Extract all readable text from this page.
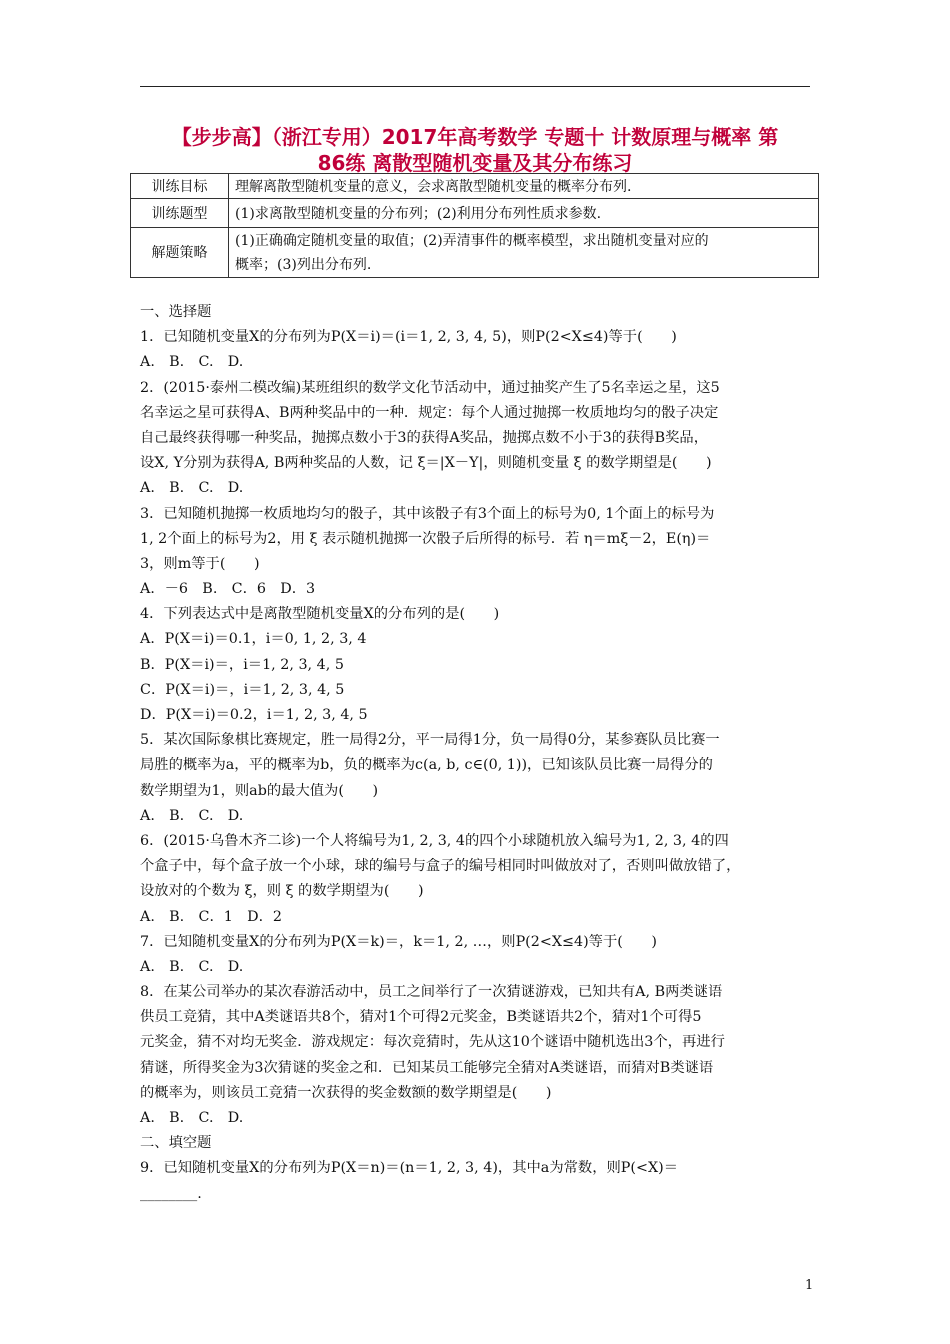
【步步高】（浙江专用）2017年高考数学 专题十 计数原理与概率 第
86练 离散型随机变量及其分布练习
训练目标	理解离散型随机变量的意义，会求离散型随机变量的概率分布列.
训练题型	(1)求离散型随机变量的分布列；(2)利用分布列性质求参数.
解题策略	(1)正确确定随机变量的取值；(2)弄清事件的概率模型，求出随机变量对应的
概率；(3)列出分布列.
一、选择题
1．已知随机变量X的分布列为P(X＝i)＝(i＝1, 2, 3, 4, 5)，则P(2<X≤4)等于(　　)
A.　B.　C.　D.
2．(2015·泰州二模改编)某班组织的数学文化节活动中，通过抽奖产生了5名幸运之星，这5
名幸运之星可获得A、B两种奖品中的一种．规定：每个人通过抛掷一枚质地均匀的骰子决定
自己最终获得哪一种奖品，抛掷点数小于3的获得A奖品，抛掷点数不小于3的获得B奖品，
设X, Y分别为获得A, B两种奖品的人数，记 ξ＝|X－Y|，则随机变量 ξ 的数学期望是(　　)
A.　B.　C.　D.
3．已知随机抛掷一枚质地均匀的骰子，其中该骰子有3个面上的标号为0, 1个面上的标号为
1, 2个面上的标号为2，用 ξ 表示随机抛掷一次骰子后所得的标号．若 η＝mξ－2，E(η)＝
3，则m等于(　　)
A．－6　B.　C．6　D．3
4．下列表达式中是离散型随机变量X的分布列的是(　　)
A．P(X＝i)＝0.1，i＝0, 1, 2, 3, 4
B．P(X＝i)＝，i＝1, 2, 3, 4, 5
C．P(X＝i)＝，i＝1, 2, 3, 4, 5
D．P(X＝i)＝0.2，i＝1, 2, 3, 4, 5
5．某次国际象棋比赛规定，胜一局得2分，平一局得1分，负一局得0分，某参赛队员比赛一
局胜的概率为a，平的概率为b，负的概率为c(a, b, c∈(0, 1))，已知该队员比赛一局得分的
数学期望为1，则ab的最大值为(　　)
A.　B.　C.　D.
6．(2015·乌鲁木齐二诊)一个人将编号为1, 2, 3, 4的四个小球随机放入编号为1, 2, 3, 4的四
个盒子中，每个盒子放一个小球，球的编号与盒子的编号相同时叫做放对了，否则叫做放错了，
设放对的个数为 ξ，则 ξ 的数学期望为(　　)
A.　B.　C．1　D．2
7．已知随机变量X的分布列为P(X＝k)＝，k＝1, 2, …，则P(2<X≤4)等于(　　)
A.　B.　C.　D.
8．在某公司举办的某次春游活动中，员工之间举行了一次猜谜游戏，已知共有A, B两类谜语
供员工竞猜，其中A类谜语共8个，猜对1个可得2元奖金，B类谜语共2个，猜对1个可得5
元奖金，猜不对均无奖金．游戏规定：每次竞猜时，先从这10个谜语中随机选出3个，再进行
猜谜，所得奖金为3次猜谜的奖金之和．已知某员工能够完全猜对A类谜语，而猜对B类谜语
的概率为，则该员工竞猜一次获得的奖金数额的数学期望是(　　)
A.　B.　C.　D.
二、填空题
9．已知随机变量X的分布列为P(X＝n)＝(n＝1, 2, 3, 4)，其中a为常数，则P(<X)＝
________.
1
